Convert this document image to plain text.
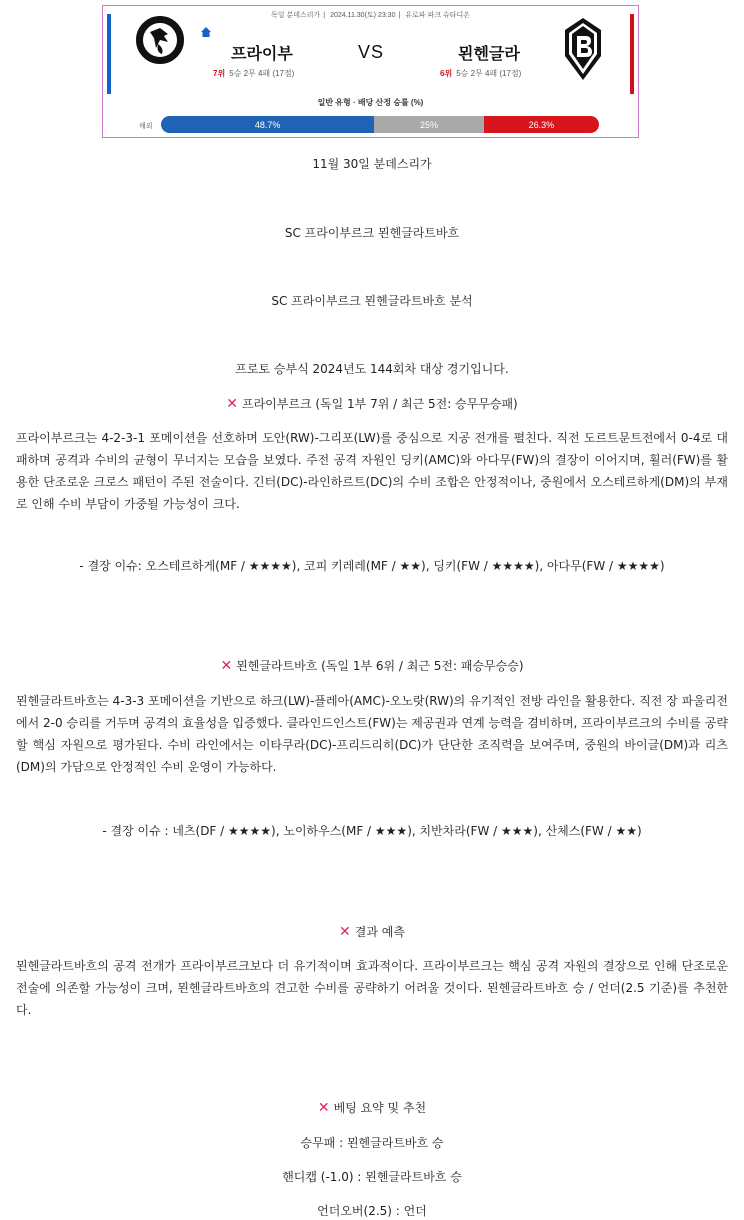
독일 분데스리가 | 2024.11.30(토) 23:30 | 유로파 파크 슈타디온
프라이부	VS	묀헨글라
7위 5승 2무 4패 (17점)	6위 5승 2무 4패 (17점)
일반 유형 · 배당 산정 승률 (%)
해외	48.7%	25%	26.3%
11월 30일 분데스리가
SC 프라이부르크 묀헨글라트바흐
SC 프라이부르크 묀헨글라트바흐 분석
프로토 승부식 2024년도 144회차 대상 경기입니다.
✕ 프라이부르크 (독일 1부 7위 / 최근 5전: 승무무승패)
프라이부르크는 4-2-3-1 포메이션을 선호하며 도안(RW)-그리포(LW)를 중심으로 지공 전개를 펼친다. 직전 도르트문트전에서 0-4로 대패하며 공격과 수비의 균형이 무너지는 모습을 보였다. 주전 공격 자원인 딩키(AMC)와 아다무(FW)의 결장이 이어지며, 횔러(FW)를 활용한 단조로운 크로스 패턴이 주된 전술이다. 긴터(DC)-라인하르트(DC)의 수비 조합은 안정적이나, 중원에서 오스테르하게(DM)의 부재로 인해 수비 부담이 가중될 가능성이 크다.
- 결장 이슈: 오스테르하게(MF / ★★★★), 코피 키레레(MF / ★★), 딩키(FW / ★★★★), 아다무(FW / ★★★★)
✕ 묀헨글라트바흐 (독일 1부 6위 / 최근 5전: 패승무승승)
묀헨글라트바흐는 4-3-3 포메이션을 기반으로 하크(LW)-플레아(AMC)-오노랏(RW)의 유기적인 전방 라인을 활용한다. 직전 장 파울리전에서 2-0 승리를 거두며 공격의 효율성을 입증했다. 클라인드인스트(FW)는 제공권과 연계 능력을 겸비하며, 프라이부르크의 수비를 공략할 핵심 자원으로 평가된다. 수비 라인에서는 이타쿠라(DC)-프리드리히(DC)가 단단한 조직력을 보여주며, 중원의 바이글(DM)과 리츠(DM)의 가담으로 안정적인 수비 운영이 가능하다.
- 결장 이슈 : 네츠(DF / ★★★★), 노이하우스(MF / ★★★), 치반차라(FW / ★★★), 산체스(FW / ★★)
✕ 결과 예측
묀헨글라트바흐의 공격 전개가 프라이부르크보다 더 유기적이며 효과적이다. 프라이부르크는 핵심 공격 자원의 결장으로 인해 단조로운 전술에 의존할 가능성이 크며, 묀헨글라트바흐의 견고한 수비를 공략하기 어려울 것이다. 묀헨글라트바흐 승 / 언더(2.5 기준)를 추천한다.
✕ 베팅 요약 및 추천
승무패 : 묀헨글라트바흐 승
핸디캡 (-1.0) : 묀헨글라트바흐 승
언더오버(2.5) : 언더
